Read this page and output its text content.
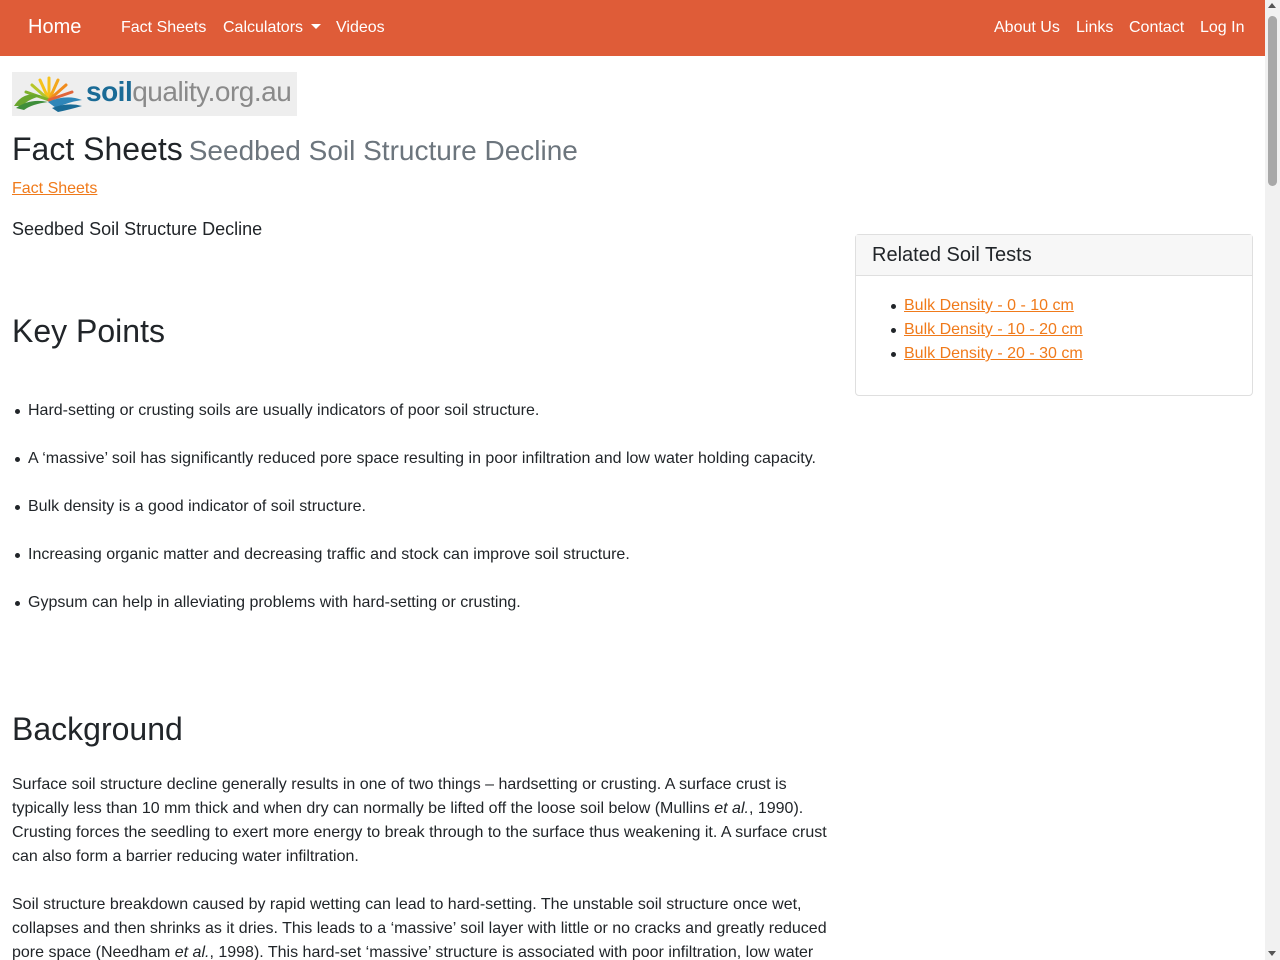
Home Fact Sheets Calculators	Videos	About Us Links Contact Log In
soilquality.org.au
Fact Sheets Seedbed Soil Structure Decline
Fact Sheets

Seedbed Soil Structure Decline

Key Points
Hard-setting or crusting soils are usually indicators of poor soil structure.
A ‘massive’ soil has significantly reduced pore space resulting in poor infiltration and low water holding capacity.
Bulk density is a good indicator of soil structure.
Increasing organic matter and decreasing traffic and stock can improve soil structure.
Gypsum can help in alleviating problems with hard-setting or crusting.
Background

Surface soil structure decline generally results in one of two things – hardsetting or crusting. A surface crust is typically less than 10 mm thick and when dry can normally be lifted off the loose soil below (Mullins et al., 1990). Crusting forces the seedling to exert more energy to break through to the surface thus weakening it. A surface crust can also form a barrier reducing water infiltration.

Soil structure breakdown caused by rapid wetting can lead to hard-setting. The unstable soil structure once wet, collapses and then shrinks as it dries. This leads to a ‘massive’ soil layer with little or no cracks and greatly reduced pore space (Needham et al., 1998). This hard-set ‘massive’ structure is associated with poor infiltration, low water

Related Soil Tests
Bulk Density - 0 - 10 cm
Bulk Density - 10 - 20 cm
Bulk Density - 20 - 30 cm
